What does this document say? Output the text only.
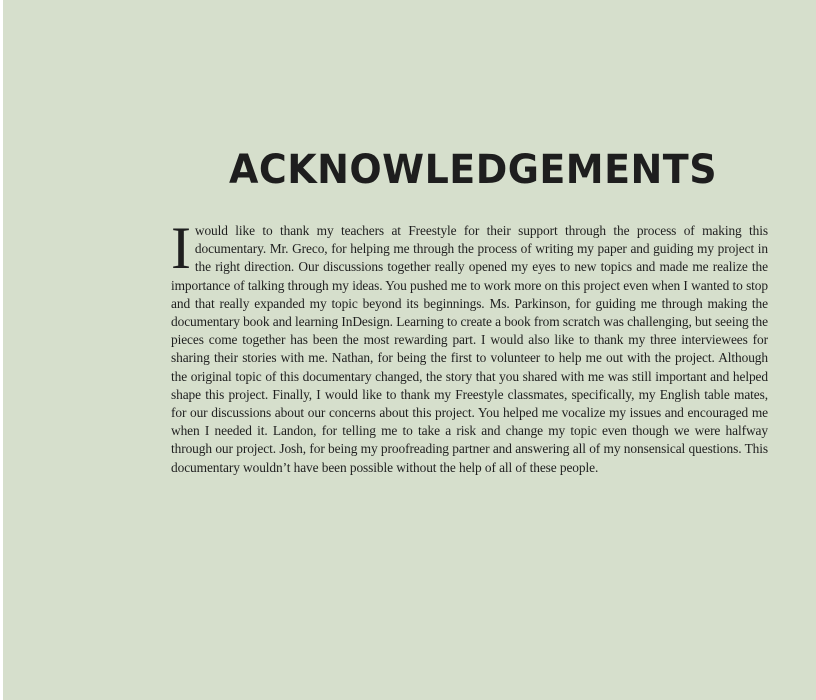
ACKNOWLEDGEMENTS

I would like to thank my teachers at Freestyle for their support through the process of making this documentary. Mr. Greco, for helping me through the process of writing my paper and guiding my project in the right direction. Our discussions together really opened my eyes to new topics and made me realize the importance of talking through my ideas. You pushed me to work more on this project even when I wanted to stop and that really expanded my topic beyond its beginnings. Ms. Parkinson, for guiding me through making the documentary book and learning InDesign. Learning to create a book from scratch was challenging, but seeing the pieces come together has been the most rewarding part. I would also like to thank my three interviewees for sharing their stories with me. Nathan, for being the first to volunteer to help me out with the project. Although the original topic of this documentary changed, the story that you shared with me was still important and helped shape this project. Finally, I would like to thank my Freestyle classmates, specifically, my English table mates, for our discussions about our concerns about this project. You helped me vocalize my issues and encouraged me when I needed it. Landon, for telling me to take a risk and change my topic even though we were halfway through our project. Josh, for being my proofreading partner and answering all of my nonsensical questions. This documentary wouldn’t have been possible without the help of all of these people.
